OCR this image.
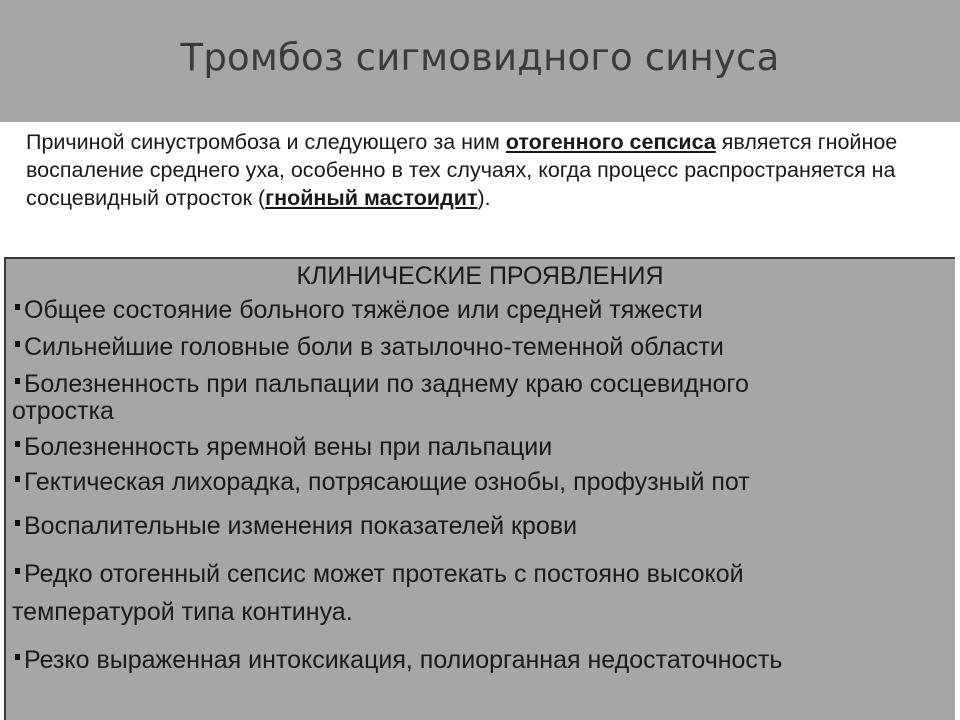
Тромбоз сигмовидного синуса
Причиной синустромбоза и следующего за ним отогенного сепсиса является гнойное воспаление среднего уха, особенно в тех случаях, когда процесс распространяется на сосцевидный отросток (гнойный мастоидит).
КЛИНИЧЕСКИЕ ПРОЯВЛЕНИЯ
Общее состояние больного тяжёлое или средней тяжести
Сильнейшие головные боли в затылочно-теменной области
Болезненность при пальпации по заднему краю сосцевидного
отростка
Болезненность яремной вены при пальпации
Гектическая лихорадка, потрясающие ознобы, профузный пот
Воспалительные изменения показателей крови
Редко отогенный сепсис может протекать с постояно высокой
температурой типа континуа.
Резко выраженная интоксикация, полиорганная недостаточность
